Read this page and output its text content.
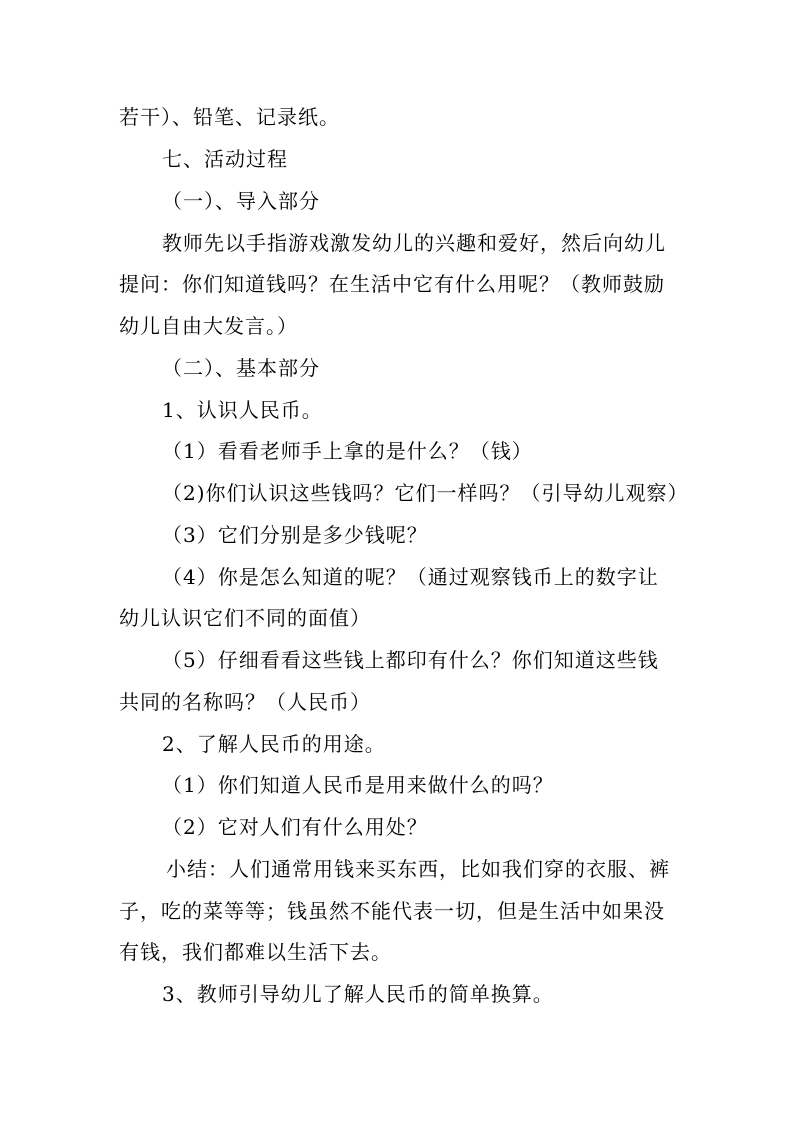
若干）、铅笔、记录纸。
七、活动过程
（一）、导入部分
教师先以手指游戏激发幼儿的兴趣和爱好，然后向幼儿
提问：你们知道钱吗？在生活中它有什么用呢？（教师鼓励
幼儿自由大发言。）
（二）、基本部分
1、认识人民币。
（1）看看老师手上拿的是什么？（钱）
（2)你们认识这些钱吗？它们一样吗？（引导幼儿观察）
（3）它们分别是多少钱呢？
（4）你是怎么知道的呢？（通过观察钱币上的数字让
幼儿认识它们不同的面值）
（5）仔细看看这些钱上都印有什么？你们知道这些钱
共同的名称吗？（人民币）
2、了解人民币的用途。
（1）你们知道人民币是用来做什么的吗？
（2）它对人们有什么用处？
小结：人们通常用钱来买东西，比如我们穿的衣服、裤
子，吃的菜等等；钱虽然不能代表一切，但是生活中如果没
有钱，我们都难以生活下去。
3、教师引导幼儿了解人民币的简单换算。
